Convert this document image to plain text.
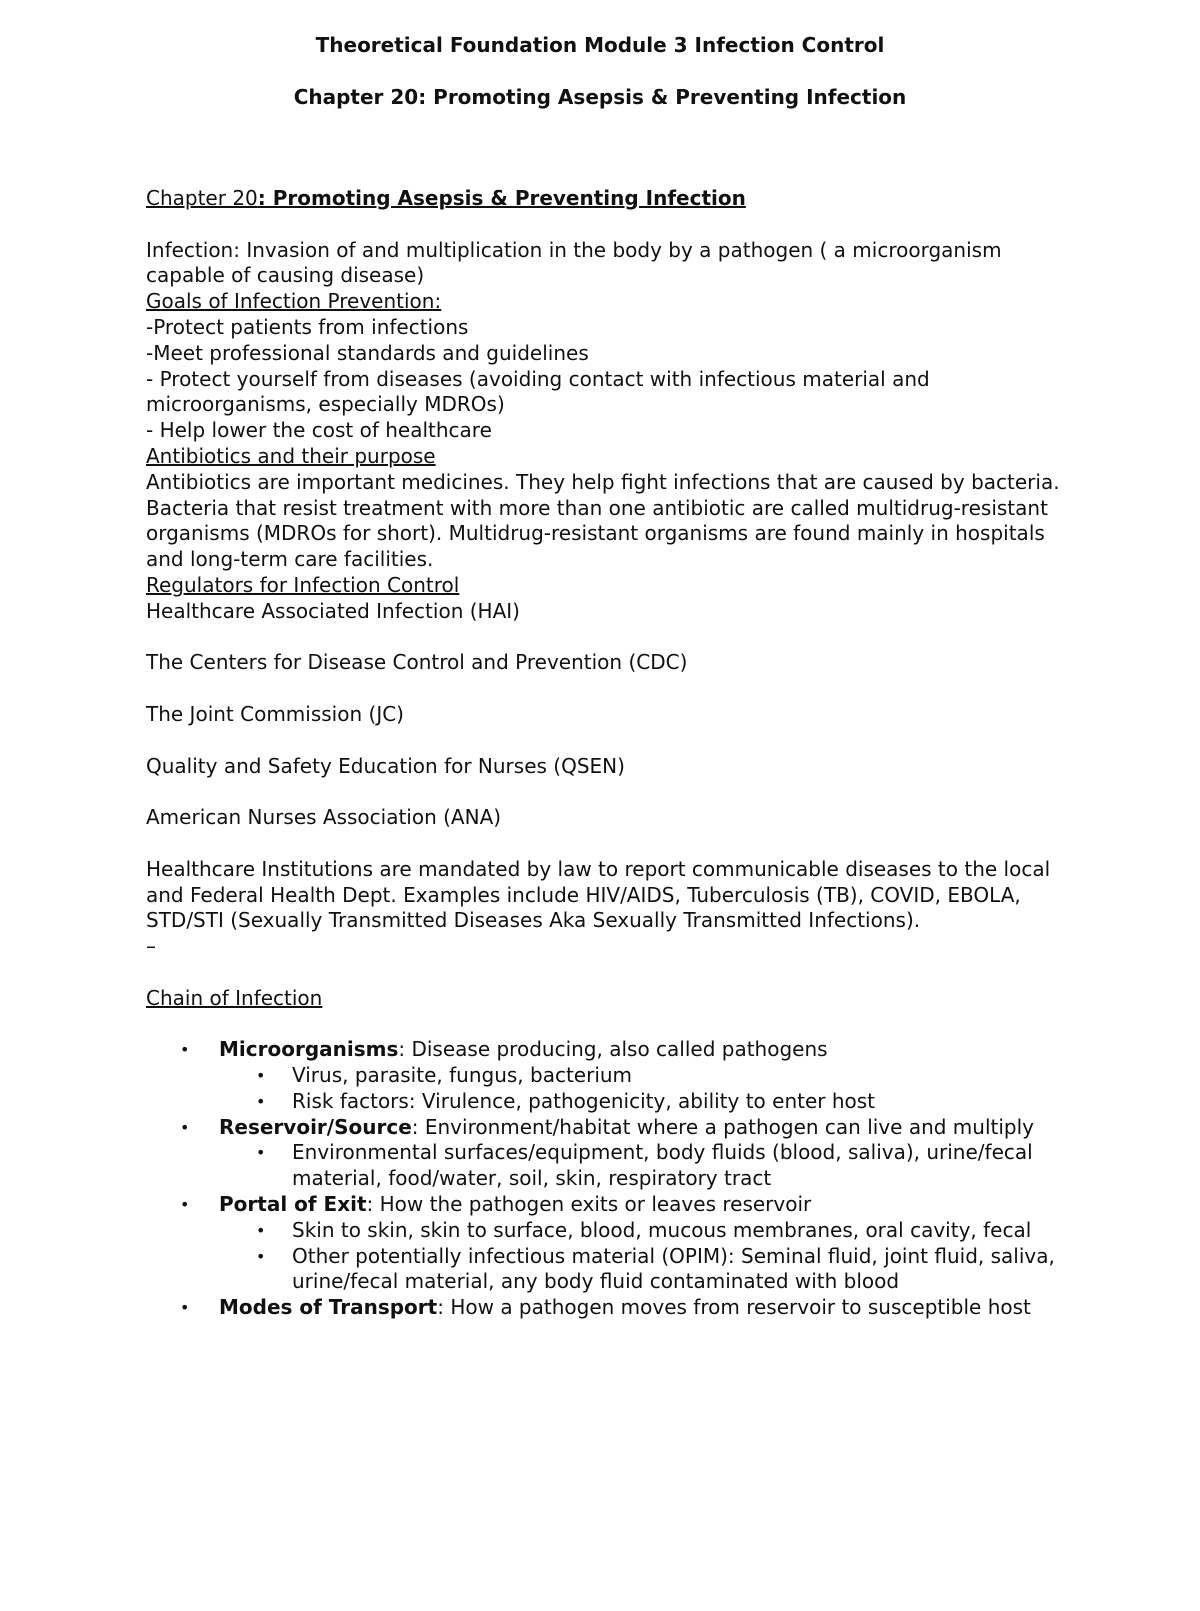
Theoretical Foundation Module 3 Infection Control
Chapter 20: Promoting Asepsis & Preventing Infection

Chapter 20: Promoting Asepsis & Preventing Infection

Infection: Invasion of and multiplication in the body by a pathogen ( a microorganism capable of causing disease)

Goals of Infection Prevention:

-Protect patients from infections

-Meet professional standards and guidelines

- Protect yourself from diseases (avoiding contact with infectious material and microorganisms, especially MDROs)

- Help lower the cost of healthcare

Antibiotics and their purpose

Antibiotics are important medicines. They help fight infections that are caused by bacteria. Bacteria that resist treatment with more than one antibiotic are called multidrug-resistant organisms (MDROs for short). Multidrug-resistant organisms are found mainly in hospitals and long-term care facilities.

Regulators for Infection Control

Healthcare Associated Infection (HAI)

The Centers for Disease Control and Prevention (CDC)

The Joint Commission (JC)

Quality and Safety Education for Nurses (QSEN)

American Nurses Association (ANA)

Healthcare Institutions are mandated by law to report communicable diseases to the local and Federal Health Dept. Examples include HIV/AIDS, Tuberculosis (TB), COVID, EBOLA, STD/STI (Sexually Transmitted Diseases Aka Sexually Transmitted Infections).

–

Chain of Infection

• Microorganisms: Disease producing, also called pathogens
• Virus, parasite, fungus, bacterium
• Risk factors: Virulence, pathogenicity, ability to enter host
• Reservoir/Source: Environment/habitat where a pathogen can live and multiply
• Environmental surfaces/equipment, body fluids (blood, saliva), urine/fecal material, food/water, soil, skin, respiratory tract
• Portal of Exit: How the pathogen exits or leaves reservoir
• Skin to skin, skin to surface, blood, mucous membranes, oral cavity, fecal
• Other potentially infectious material (OPIM): Seminal fluid, joint fluid, saliva, urine/fecal material, any body fluid contaminated with blood
• Modes of Transport: How a pathogen moves from reservoir to susceptible host
